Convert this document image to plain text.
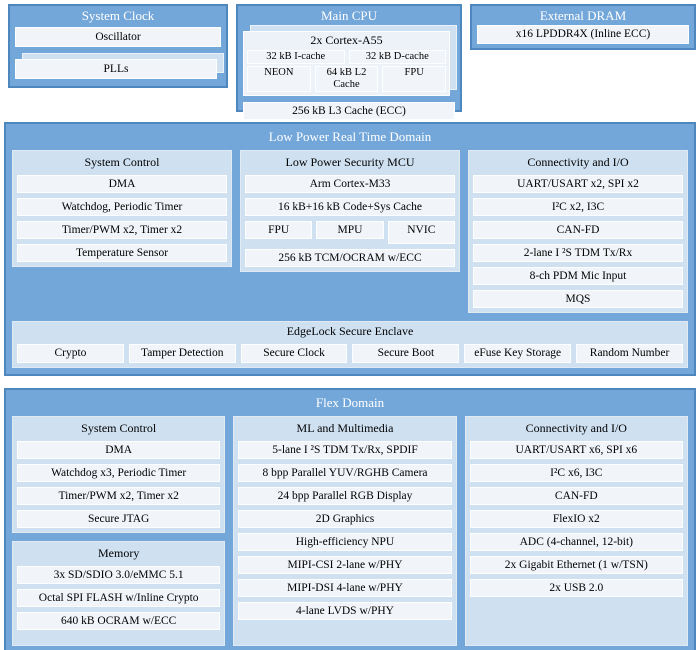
System Clock
Oscillator
PLLs
Main CPU
2x Cortex-A55
32 kB I-cache	32 kB D-cache
NEON	64 kB L2 Cache
FPU
256 kB L3 Cache (ECC)
External DRAM
x16 LPDDR4X (Inline ECC)
Low Power Real Time Domain
System Control
DMA
Watchdog, Periodic Timer
Timer/PWM x2, Timer x2
Temperature Sensor
Low Power Security MCU
Arm Cortex-M33
16 kB+16 kB Code+Sys Cache
FPU	MPU	NVIC
256 kB TCM/OCRAM w/ECC
Connectivity and I/O
UART/USART x2, SPI x2
I²C x2, I3C
CAN-FD
2-lane I ²S TDM Tx/Rx
8-ch PDM Mic Input
MQS
EdgeLock Secure Enclave
Crypto	Tamper Detection	Secure Clock	Secure Boot	eFuse Key Storage	Random Number
Flex Domain
System Control
DMA
Watchdog x3, Periodic Timer
Timer/PWM x2, Timer x2
Secure JTAG
Memory
3x SD/SDIO 3.0/eMMC 5.1
Octal SPI FLASH w/Inline Crypto
640 kB OCRAM w/ECC
ML and Multimedia
5-lane I ²S TDM Tx/Rx, SPDIF
8 bpp Parallel YUV/RGHB Camera
24 bpp Parallel RGB Display
2D Graphics
High-efficiency NPU
MIPI-CSI 2-lane w/PHY
MIPI-DSI 4-lane w/PHY
4-lane LVDS w/PHY
Connectivity and I/O
UART/USART x6, SPI x6
I²C x6, I3C
CAN-FD
FlexIO x2
ADC (4-channel, 12-bit)
2x Gigabit Ethernet (1 w/TSN)
2x USB 2.0
